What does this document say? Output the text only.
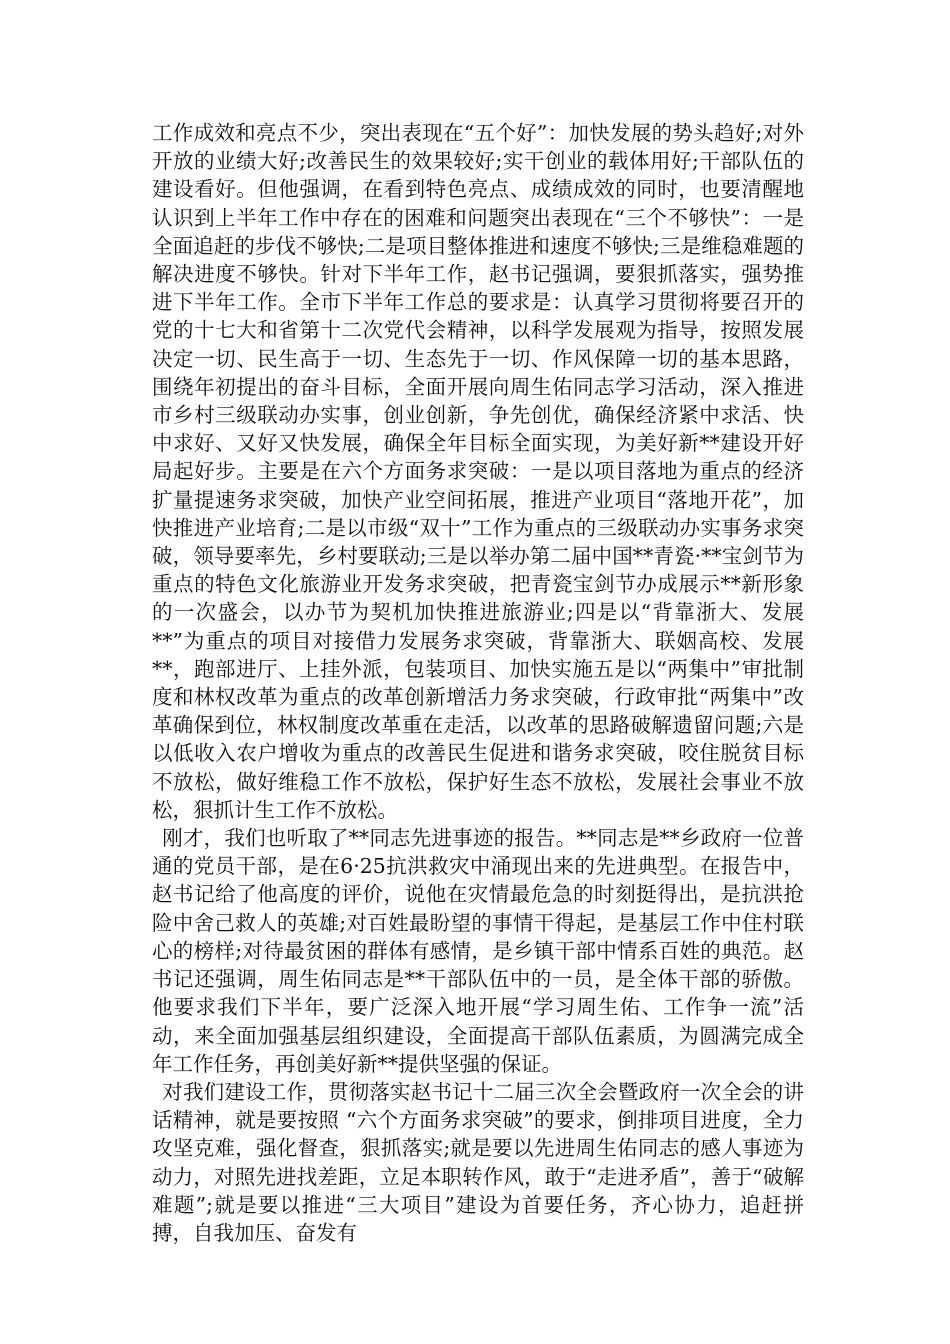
工作成效和亮点不少，突出表现在“五个好”：加快发展的势头趋好;对外开放的业绩大好;改善民生的效果较好;实干创业的载体用好;干部队伍的建设看好。但他强调，在看到特色亮点、成绩成效的同时，也要清醒地认识到上半年工作中存在的困难和问题突出表现在“三个不够快”：一是全面追赶的步伐不够快;二是项目整体推进和速度不够快;三是维稳难题的解决进度不够快。针对下半年工作，赵书记强调，要狠抓落实，强势推进下半年工作。全市下半年工作总的要求是：认真学习贯彻将要召开的党的十七大和省第十二次党代会精神，以科学发展观为指导，按照发展决定一切、民生高于一切、生态先于一切、作风保障一切的基本思路，围绕年初提出的奋斗目标，全面开展向周生佑同志学习活动，深入推进市乡村三级联动办实事，创业创新，争先创优，确保经济紧中求活、快中求好、又好又快发展，确保全年目标全面实现，为美好新**建设开好局起好步。主要是在六个方面务求突破：一是以项目落地为重点的经济扩量提速务求突破，加快产业空间拓展，推进产业项目“落地开花”，加快推进产业培育;二是以市级“双十”工作为重点的三级联动办实事务求突破，领导要率先，乡村要联动;三是以举办第二届中国**青瓷·**宝剑节为重点的特色文化旅游业开发务求突破，把青瓷宝剑节办成展示**新形象的一次盛会，以办节为契机加快推进旅游业;四是以“背靠浙大、发展**”为重点的项目对接借力发展务求突破，背靠浙大、联姻高校、发展**，跑部进厅、上挂外派，包装项目、加快实施五是以“两集中”审批制度和林权改革为重点的改革创新增活力务求突破，行政审批“两集中”改革确保到位，林权制度改革重在走活，以改革的思路破解遗留问题;六是以低收入农户增收为重点的改善民生促进和谐务求突破，咬住脱贫目标不放松，做好维稳工作不放松，保护好生态不放松，发展社会事业不放松，狠抓计生工作不放松。

刚才，我们也听取了**同志先进事迹的报告。**同志是**乡政府一位普通的党员干部，是在6·25抗洪救灾中涌现出来的先进典型。在报告中，赵书记给了他高度的评价，说他在灾情最危急的时刻挺得出，是抗洪抢险中舍己救人的英雄;对百姓最盼望的事情干得起，是基层工作中住村联心的榜样;对待最贫困的群体有感情，是乡镇干部中情系百姓的典范。赵书记还强调，周生佑同志是**干部队伍中的一员，是全体干部的骄傲。他要求我们下半年，要广泛深入地开展“学习周生佑、工作争一流”活动，来全面加强基层组织建设，全面提高干部队伍素质，为圆满完成全年工作任务，再创美好新**提供坚强的保证。

对我们建设工作，贯彻落实赵书记十二届三次全会暨政府一次全会的讲话精神，就是要按照 “六个方面务求突破”的要求，倒排项目进度，全力攻坚克难，强化督查，狠抓落实;就是要以先进周生佑同志的感人事迹为动力，对照先进找差距，立足本职转作风，敢于“走进矛盾”，善于“破解难题”;就是要以推进“三大项目”建设为首要任务，齐心协力，追赶拼搏，自我加压、奋发有
